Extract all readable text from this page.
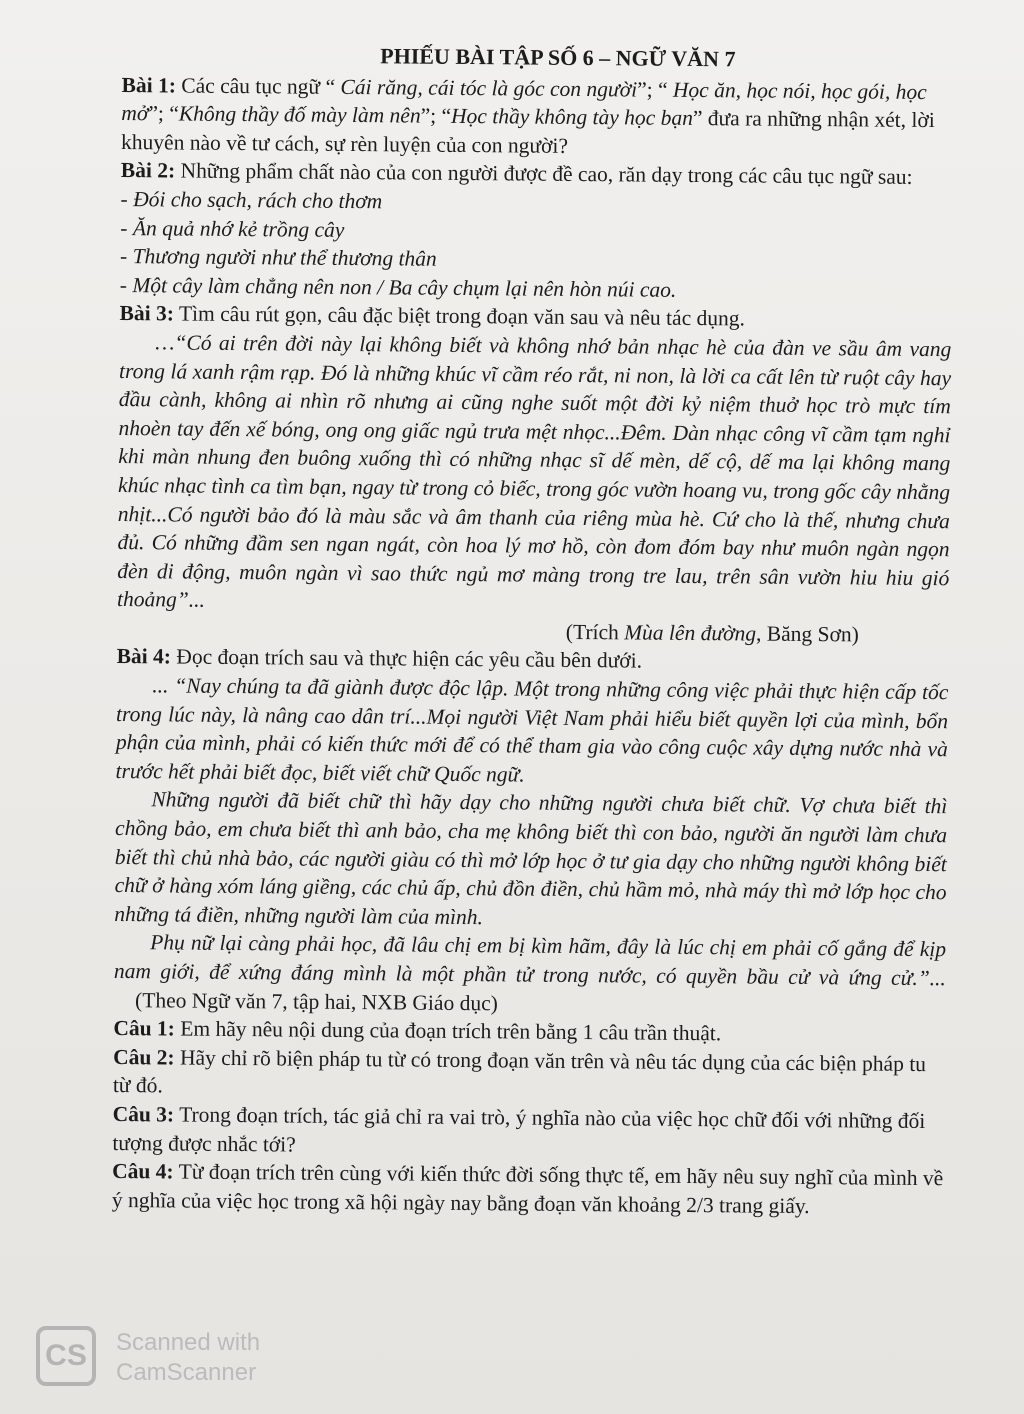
PHIẾU BÀI TẬP SỐ 6 – NGỮ VĂN 7

Bài 1: Các câu tục ngữ “ Cái răng, cái tóc là góc con người”; “ Học ăn, học nói, học gói, học mở”; “Không thầy đố mày làm nên”; “Học thầy không tày học bạn” đưa ra những nhận xét, lời khuyên nào về tư cách, sự rèn luyện của con người?

Bài 2: Những phẩm chất nào của con người được đề cao, răn dạy trong các câu tục ngữ sau:

- Đói cho sạch, rách cho thơm

- Ăn quả nhớ kẻ trồng cây

- Thương người như thể thương thân

- Một cây làm chẳng nên non / Ba cây chụm lại nên hòn núi cao.

Bài 3: Tìm câu rút gọn, câu đặc biệt trong đoạn văn sau và nêu tác dụng.

…“Có ai trên đời này lại không biết và không nhớ bản nhạc hè của đàn ve sầu âm vang trong lá xanh rậm rạp. Đó là những khúc vĩ cầm réo rắt, ni non, là lời ca cất lên từ ruột cây hay đầu cành, không ai nhìn rõ nhưng ai cũng nghe suốt một đời kỷ niệm thuở học trò mực tím nhoèn tay đến xế bóng, ong ong giấc ngủ trưa mệt nhọc...Đêm. Dàn nhạc công vĩ cầm tạm nghỉ khi màn nhung đen buông xuống thì có những nhạc sĩ dế mèn, dế cộ, dế ma lại không mang khúc nhạc tình ca tìm bạn, ngay từ trong cỏ biếc, trong góc vườn hoang vu, trong gốc cây nhằng nhịt...Có người bảo đó là màu sắc và âm thanh của riêng mùa hè. Cứ cho là thế, nhưng chưa đủ. Có những đầm sen ngan ngát, còn hoa lý mơ hồ, còn đom đóm bay như muôn ngàn ngọn đèn di động, muôn ngàn vì sao thức ngủ mơ màng trong tre lau, trên sân vườn hiu hiu gió thoảng”...

(Trích Mùa lên đường, Băng Sơn)

Bài 4: Đọc đoạn trích sau và thực hiện các yêu cầu bên dưới.

... “Nay chúng ta đã giành được độc lập. Một trong những công việc phải thực hiện cấp tốc trong lúc này, là nâng cao dân trí...Mọi người Việt Nam phải hiểu biết quyền lợi của mình, bổn phận của mình, phải có kiến thức mới để có thể tham gia vào công cuộc xây dựng nước nhà và trước hết phải biết đọc, biết viết chữ Quốc ngữ.

Những người đã biết chữ thì hãy dạy cho những người chưa biết chữ. Vợ chưa biết thì chồng bảo, em chưa biết thì anh bảo, cha mẹ không biết thì con bảo, người ăn người làm chưa biết thì chủ nhà bảo, các người giàu có thì mở lớp học ở tư gia dạy cho những người không biết chữ ở hàng xóm láng giềng, các chủ ấp, chủ đồn điền, chủ hầm mỏ, nhà máy thì mở lớp học cho những tá điền, những người làm của mình.

Phụ nữ lại càng phải học, đã lâu chị em bị kìm hãm, đây là lúc chị em phải cố gắng để kịp nam giới, để xứng đáng mình là một phần tử trong nước, có quyền bầu cử và ứng cử.”...    (Theo Ngữ văn 7, tập hai, NXB Giáo dục)

Câu 1: Em hãy nêu nội dung của đoạn trích trên bằng 1 câu trần thuật.

Câu 2: Hãy chỉ rõ biện pháp tu từ có trong đoạn văn trên và nêu tác dụng của các biện pháp tu từ đó.

Câu 3: Trong đoạn trích, tác giả chỉ ra vai trò, ý nghĩa nào của việc học chữ đối với những đối tượng được nhắc tới?

Câu 4: Từ đoạn trích trên cùng với kiến thức đời sống thực tế, em hãy nêu suy nghĩ của mình về ý nghĩa của việc học trong xã hội ngày nay bằng đoạn văn khoảng 2/3 trang giấy.

CS	Scanned with
CamScanner
